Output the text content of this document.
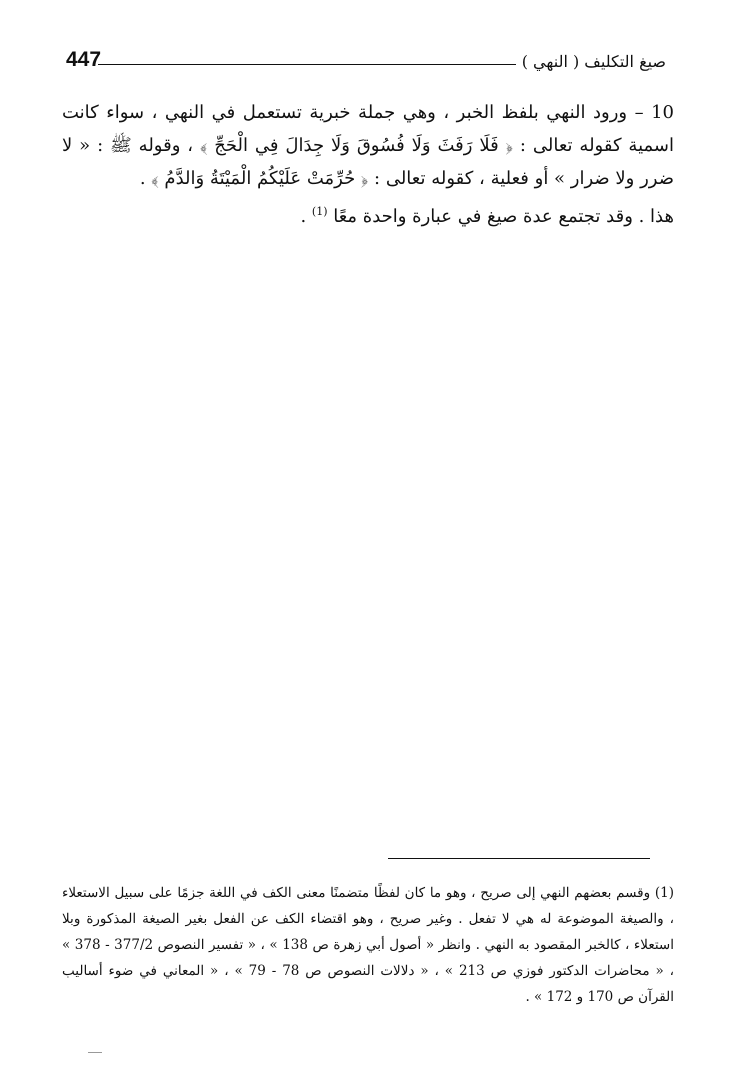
447	صيغ التكليف ( النهي )

10 – ورود النهي بلفظ الخبر ، وهي جملة خبرية تستعمل في النهي ، سواء كانت اسمية كقوله تعالى : ﴿ فَلَا رَفَثَ وَلَا فُسُوقَ وَلَا جِدَالَ فِي الْحَجِّ ﴾ ، وقوله ﷺ : « لا ضرر ولا ضرار » أو فعلية ، كقوله تعالى : ﴿ حُرِّمَتْ عَلَيْكُمُ الْمَيْتَةُ وَالدَّمُ ﴾ .

هذا . وقد تجتمع عدة صيغ في عبارة واحدة معًا $^{(1)}$ .

(1) وقسم بعضهم النهي إلى صريح ، وهو ما كان لفظًا متضمنًا معنى الكف في اللغة جزمًا على سبيل الاستعلاء ، والصيغة الموضوعة له هي لا تفعل . وغير صريح ، وهو اقتضاء الكف عن الفعل بغير الصيغة المذكورة وبلا استعلاء ، كالخبر المقصود به النهي . وانظر « أصول أبي زهرة ص 138 » ، « تفسير النصوص 377/2 - 378 » ، « محاضرات الدكتور فوزي ص 213 » ، « دلالات النصوص ص 78 - 79 » ، « المعاني في ضوء أساليب القرآن ص 170 و 172 » .
